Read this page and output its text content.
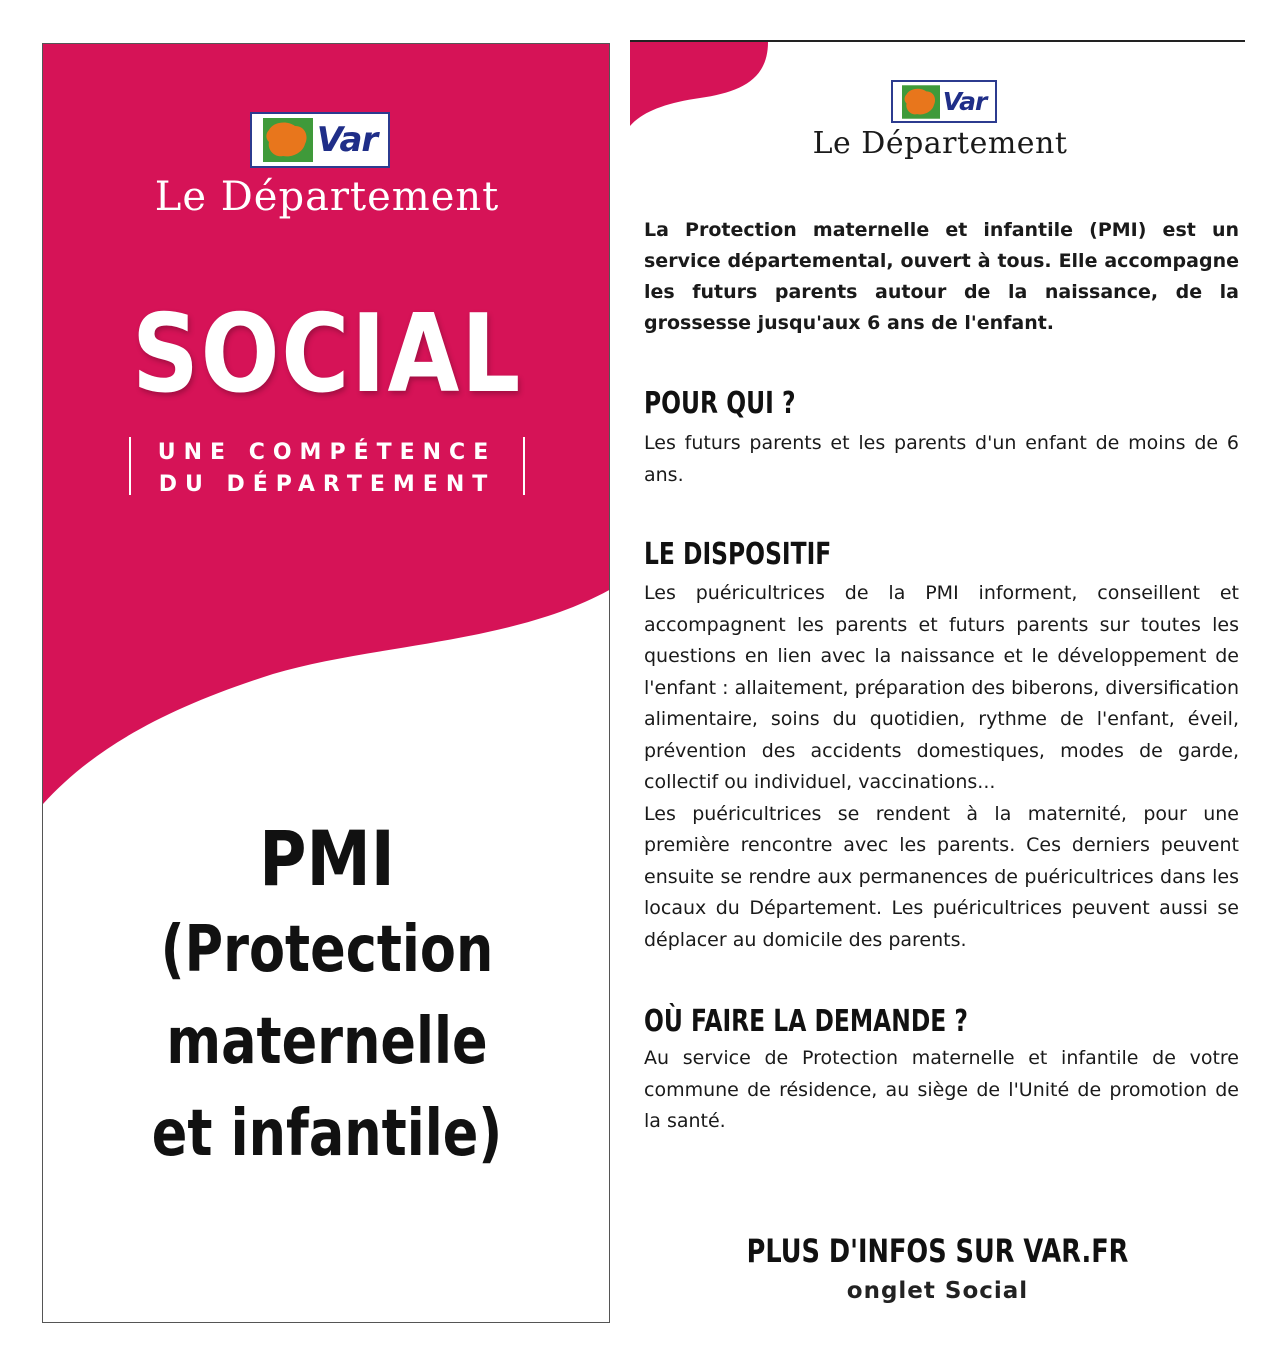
Var
Le Département
SOCIAL
UNE COMPÉTENCE
DU DÉPARTEMENT
PMI
(Protection
maternelle
et infantile)
Var
Le Département
La Protection maternelle et infantile (PMI) est un service départemental, ouvert à tous. Elle accompagne les futurs parents autour de la naissance, de la grossesse jusqu'aux 6 ans de l'enfant.
POUR QUI ?
Les futurs parents et les parents d'un enfant de moins de 6 ans.
LE DISPOSITIF
Les puéricultrices de la PMI informent, conseillent et accompagnent les parents et futurs parents sur toutes les questions en lien avec la naissance et le développement de l'enfant : allaitement, préparation des biberons, diversification alimentaire, soins du quotidien, rythme de l'enfant, éveil, prévention des accidents domestiques, modes de garde, collectif ou individuel, vaccinations...
Les puéricultrices se rendent à la maternité, pour une première rencontre avec les parents. Ces derniers peuvent ensuite se rendre aux permanences de puéricultrices dans les locaux du Département. Les puéricultrices peuvent aussi se déplacer au domicile des parents.
OÙ FAIRE LA DEMANDE ?
Au service de Protection maternelle et infantile de votre commune de résidence, au siège de l'Unité de promotion de la santé.
PLUS D'INFOS SUR VAR.FR
onglet Social
